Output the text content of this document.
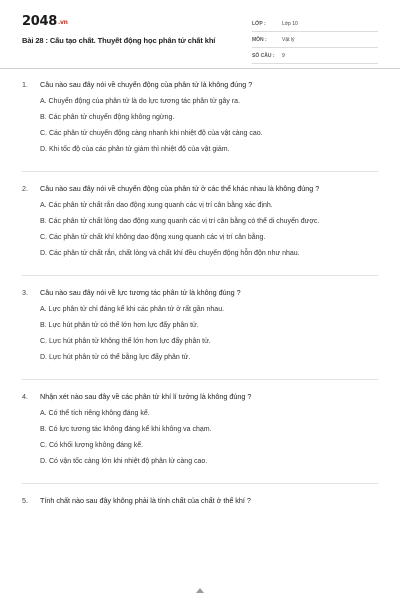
2048.vn
Bài 28 : Cấu tạo chất. Thuyết động học phân tử chất khí
LỚP :	Lớp 10
MÔN :	Vật lý
SỐ CÂU :	9
1.	Câu nào sau đây nói về chuyển động của phân tử là không đúng ?
A. Chuyển động của phân tử là do lực tương tác phân tử gây ra.
B. Các phân tử chuyển động không ngừng.
C. Các phân tử chuyển động càng nhanh khi nhiệt độ của vật càng cao.
D. Khi tốc độ của các phân tử giảm thì nhiệt độ của vật giảm.
2.	Câu nào sau đây nói về chuyển động của phân tử ở các thể khác nhau là không đúng ?
A. Các phân tử chất rắn dao động xung quanh các vị trí cân bằng xác định.
B. Các phân tử chất lỏng dao động xung quanh các vị trí cân bằng có thể di chuyển được.
C. Các phân tử chất khí không dao động xung quanh các vị trí cân bằng.
D. Các phân tử chất rắn, chất lỏng và chất khí đều chuyển động hỗn độn như nhau.
3.	Câu nào sau đây nói về lực tương tác phân tử là không đúng ?
A. Lực phân tử chỉ đáng kể khi các phân tử ở rất gần nhau.
B. Lực hút phân tử có thể lớn hơn lực đẩy phân tử.
C. Lực hút phân tử không thể lớn hơn lực đẩy phân tử.
D. Lực hút phân tử có thể bằng lực đẩy phân tử.
4.	Nhận xét nào sau đây về các phân tử khí lí tưởng là không đúng ?
A. Có thể tích riêng không đáng kể.
B. Có lực tương tác không đáng kể khi không va chạm.
C. Có khối lượng không đáng kể.
D. Có vận tốc càng lớn khi nhiệt độ phân lử càng cao.
5.	Tính chất nào sau đây không phải là tính chất của chất ở thể khí ?
